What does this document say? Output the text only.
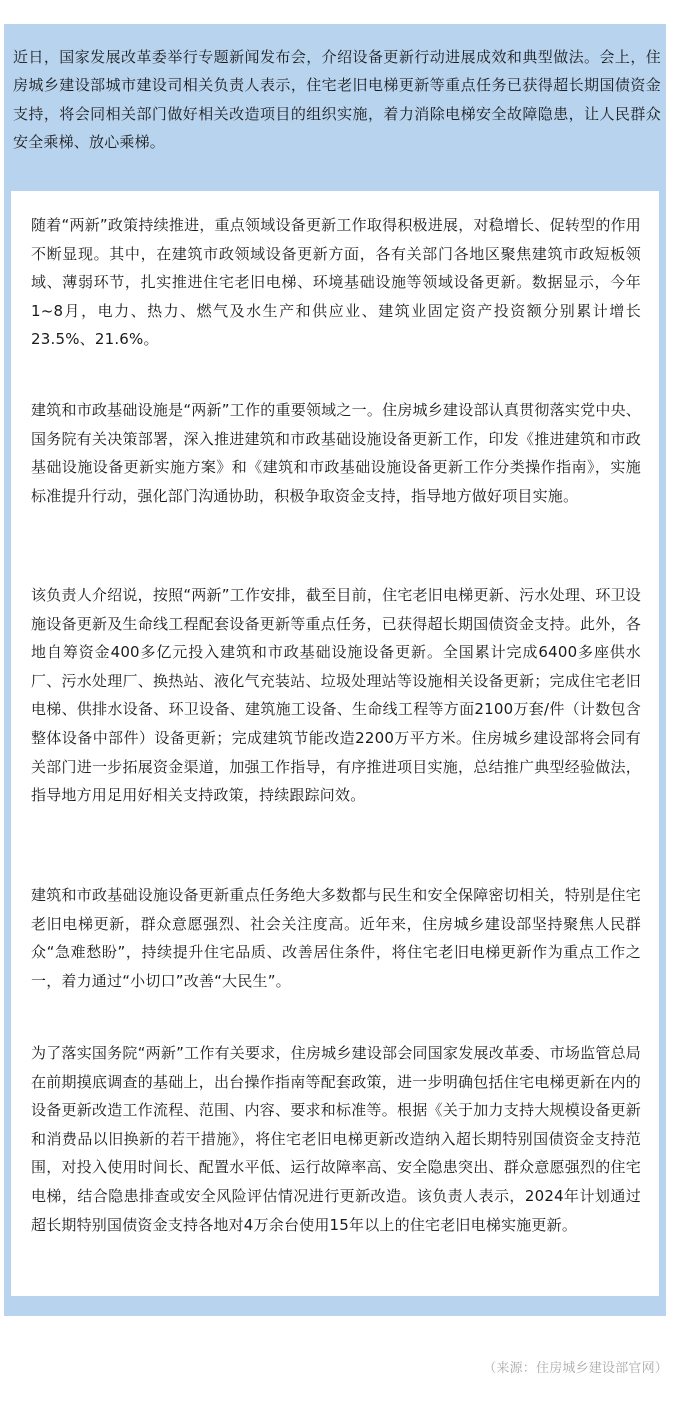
近日，国家发展改革委举行专题新闻发布会，介绍设备更新行动进展成效和典型做法。会上，住房城乡建设部城市建设司相关负责人表示，住宅老旧电梯更新等重点任务已获得超长期国债资金支持，将会同相关部门做好相关改造项目的组织实施，着力消除电梯安全故障隐患，让人民群众安全乘梯、放心乘梯。

随着“两新”政策持续推进，重点领域设备更新工作取得积极进展，对稳增长、促转型的作用不断显现。其中，在建筑市政领域设备更新方面，各有关部门各地区聚焦建筑市政短板领域、薄弱环节，扎实推进住宅老旧电梯、环境基础设施等领域设备更新。数据显示，今年1~8月，电力、热力、燃气及水生产和供应业、建筑业固定资产投资额分别累计增长23.5%、21.6%。

建筑和市政基础设施是“两新”工作的重要领域之一。住房城乡建设部认真贯彻落实党中央、国务院有关决策部署，深入推进建筑和市政基础设施设备更新工作，印发《推进建筑和市政基础设施设备更新实施方案》和《建筑和市政基础设施设备更新工作分类操作指南》，实施标准提升行动，强化部门沟通协助，积极争取资金支持，指导地方做好项目实施。

该负责人介绍说，按照“两新”工作安排，截至目前，住宅老旧电梯更新、污水处理、环卫设施设备更新及生命线工程配套设备更新等重点任务，已获得超长期国债资金支持。此外，各地自筹资金400多亿元投入建筑和市政基础设施设备更新。全国累计完成6400多座供水厂、污水处理厂、换热站、液化气充装站、垃圾处理站等设施相关设备更新；完成住宅老旧电梯、供排水设备、环卫设备、建筑施工设备、生命线工程等方面2100万套/件（计数包含整体设备中部件）设备更新；完成建筑节能改造2200万平方米。住房城乡建设部将会同有关部门进一步拓展资金渠道，加强工作指导，有序推进项目实施，总结推广典型经验做法，指导地方用足用好相关支持政策，持续跟踪问效。

建筑和市政基础设施设备更新重点任务绝大多数都与民生和安全保障密切相关，特别是住宅老旧电梯更新，群众意愿强烈、社会关注度高。近年来，住房城乡建设部坚持聚焦人民群众“急难愁盼”，持续提升住宅品质、改善居住条件，将住宅老旧电梯更新作为重点工作之一，着力通过“小切口”改善“大民生”。

为了落实国务院“两新”工作有关要求，住房城乡建设部会同国家发展改革委、市场监管总局在前期摸底调查的基础上，出台操作指南等配套政策，进一步明确包括住宅电梯更新在内的设备更新改造工作流程、范围、内容、要求和标准等。根据《关于加力支持大规模设备更新和消费品以旧换新的若干措施》，将住宅老旧电梯更新改造纳入超长期特别国债资金支持范围，对投入使用时间长、配置水平低、运行故障率高、安全隐患突出、群众意愿强烈的住宅电梯，结合隐患排查或安全风险评估情况进行更新改造。该负责人表示，2024年计划通过超长期特别国债资金支持各地对4万余台使用15年以上的住宅老旧电梯实施更新。

（来源：住房城乡建设部官网）
